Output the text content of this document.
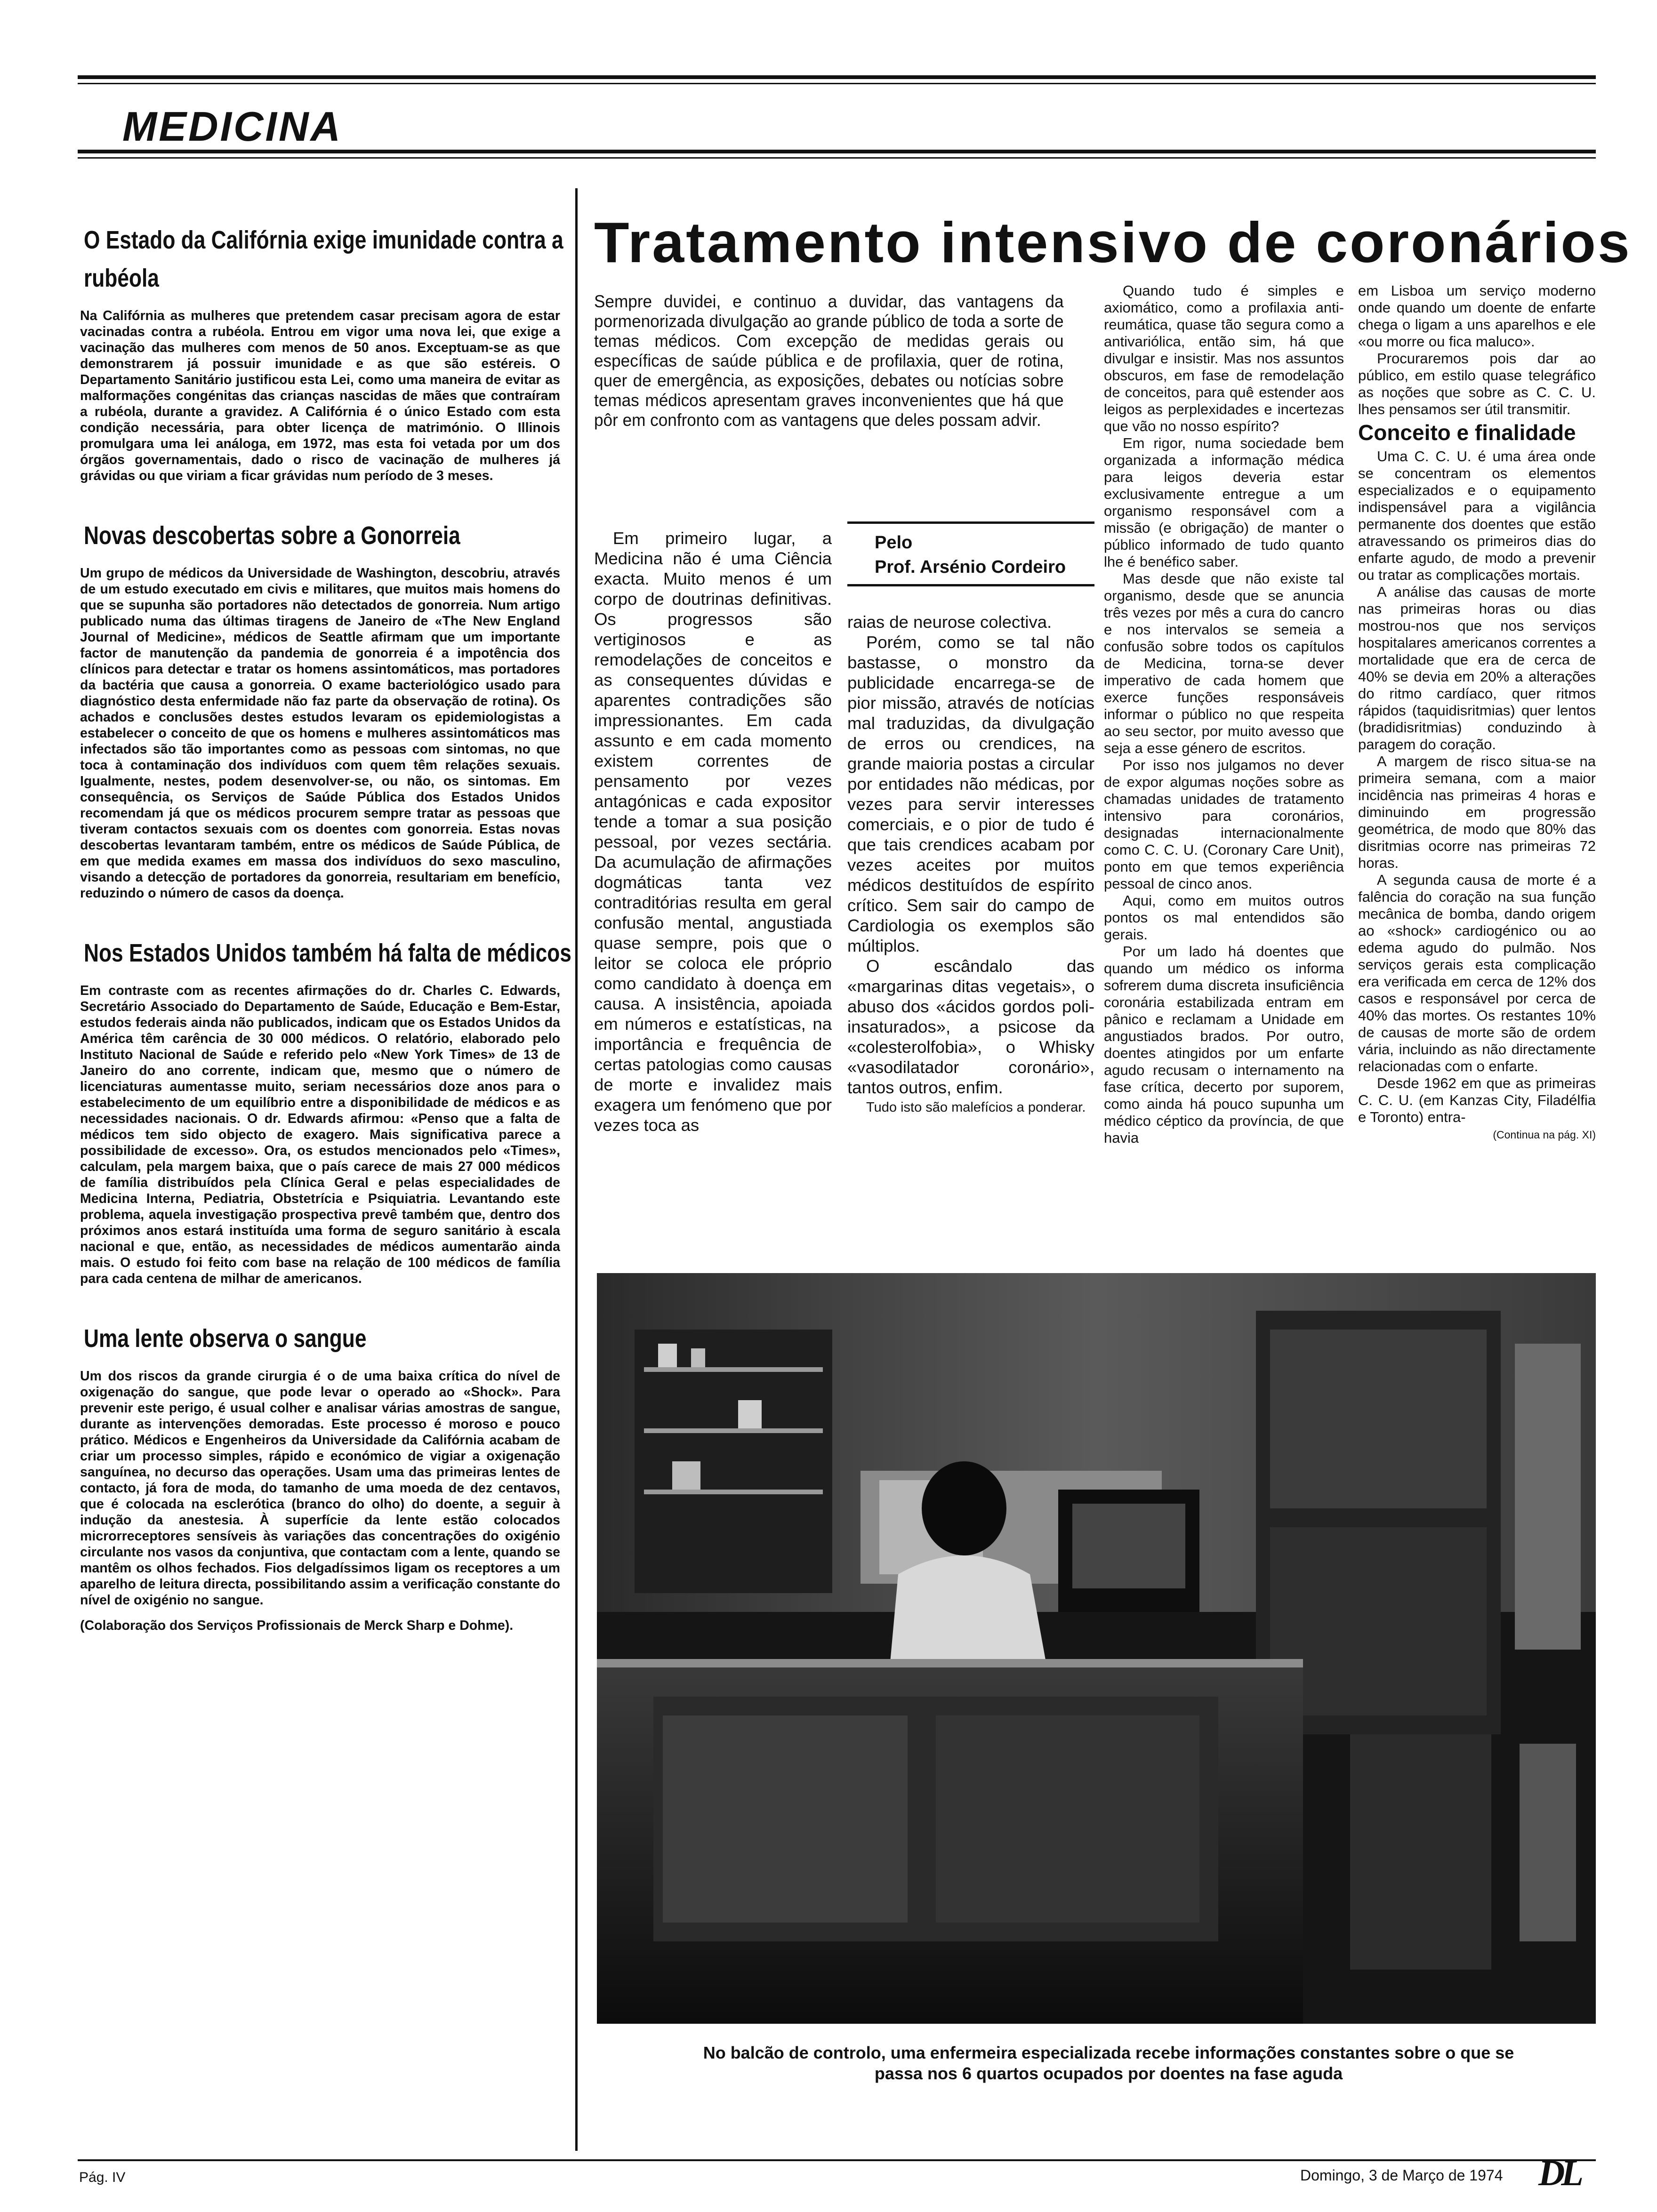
MEDICINA
O Estado da Califórnia exige imunidade contra a rubéola

Na Califórnia as mulheres que pretendem casar precisam agora de estar vacinadas contra a rubéola. Entrou em vigor uma nova lei, que exige a vacinação das mulheres com menos de 50 anos. Exceptuam-se as que demonstrarem já possuir imunidade e as que são estéreis. O Departamento Sanitário justificou esta Lei, como uma maneira de evitar as malformações congénitas das crianças nascidas de mães que contraíram a rubéola, durante a gravidez. A Califórnia é o único Estado com esta condição necessária, para obter licença de matrimónio. O Illinois promulgara uma lei análoga, em 1972, mas esta foi vetada por um dos órgãos governamentais, dado o risco de vacinação de mulheres já grávidas ou que viriam a ficar grávidas num período de 3 meses.

Novas descobertas sobre a Gonorreia

Um grupo de médicos da Universidade de Washington, descobriu, através de um estudo executado em civis e militares, que muitos mais homens do que se supunha são portadores não detectados de gonorreia. Num artigo publicado numa das últimas tiragens de Janeiro de «The New England Journal of Medicine», médicos de Seattle afirmam que um importante factor de manutenção da pandemia de gonorreia é a impotência dos clínicos para detectar e tratar os homens assintomáticos, mas portadores da bactéria que causa a gonorreia. O exame bacteriológico usado para diagnóstico desta enfermidade não faz parte da observação de rotina). Os achados e conclusões destes estudos levaram os epidemiologistas a estabelecer o conceito de que os homens e mulheres assintomáticos mas infectados são tão importantes como as pessoas com sintomas, no que toca à contaminação dos indivíduos com quem têm relações sexuais. Igualmente, nestes, podem desenvolver-se, ou não, os sintomas. Em consequência, os Serviços de Saúde Pública dos Estados Unidos recomendam já que os médicos procurem sempre tratar as pessoas que tiveram contactos sexuais com os doentes com gonorreia. Estas novas descobertas levantaram também, entre os médicos de Saúde Pública, de em que medida exames em massa dos indivíduos do sexo masculino, visando a detecção de portadores da gonorreia, resultariam em benefício, reduzindo o número de casos da doença.

Nos Estados Unidos também há falta de médicos

Em contraste com as recentes afirmações do dr. Charles C. Edwards, Secretário Associado do Departamento de Saúde, Educação e Bem-Estar, estudos federais ainda não publicados, indicam que os Estados Unidos da América têm carência de 30 000 médicos. O relatório, elaborado pelo Instituto Nacional de Saúde e referido pelo «New York Times» de 13 de Janeiro do ano corrente, indicam que, mesmo que o número de licenciaturas aumentasse muito, seriam necessários doze anos para o estabelecimento de um equilíbrio entre a disponibilidade de médicos e as necessidades nacionais. O dr. Edwards afirmou: «Penso que a falta de médicos tem sido objecto de exagero. Mais significativa parece a possibilidade de excesso». Ora, os estudos mencionados pelo «Times», calculam, pela margem baixa, que o país carece de mais 27 000 médicos de família distribuídos pela Clínica Geral e pelas especialidades de Medicina Interna, Pediatria, Obstetrícia e Psiquiatria. Levantando este problema, aquela investigação prospectiva prevê também que, dentro dos próximos anos estará instituída uma forma de seguro sanitário à escala nacional e que, então, as necessidades de médicos aumentarão ainda mais. O estudo foi feito com base na relação de 100 médicos de família para cada centena de milhar de americanos.

Uma lente observa o sangue

Um dos riscos da grande cirurgia é o de uma baixa crítica do nível de oxigenação do sangue, que pode levar o operado ao «Shock». Para prevenir este perigo, é usual colher e analisar várias amostras de sangue, durante as intervenções demoradas. Este processo é moroso e pouco prático. Médicos e Engenheiros da Universidade da Califórnia acabam de criar um processo simples, rápido e económico de vigiar a oxigenação sanguínea, no decurso das operações. Usam uma das primeiras lentes de contacto, já fora de moda, do tamanho de uma moeda de dez centavos, que é colocada na esclerótica (branco do olho) do doente, a seguir à indução da anestesia. À superfície da lente estão colocados microrreceptores sensíveis às variações das concentrações do oxigénio circulante nos vasos da conjuntiva, que contactam com a lente, quando se mantêm os olhos fechados. Fios delgadíssimos ligam os receptores a um aparelho de leitura directa, possibilitando assim a verificação constante do nível de oxigénio no sangue.

(Colaboração dos Serviços Profissionais de Merck Sharp e Dohme).
Tratamento intensivo de coronários
Sempre duvidei, e continuo a duvidar, das vantagens da pormenorizada divulgação ao grande público de toda a sorte de temas médicos. Com excepção de medidas gerais ou específicas de saúde pública e de profilaxia, quer de rotina, quer de emergência, as exposições, debates ou notícias sobre temas médicos apresentam graves inconvenientes que há que pôr em confronto com as vantagens que deles possam advir.
Pelo
Prof. Arsénio Cordeiro

Em primeiro lugar, a Medicina não é uma Ciência exacta. Muito menos é um corpo de doutrinas definitivas. Os progressos são vertiginosos e as remodelações de conceitos e as consequentes dúvidas e aparentes contradições são impressionantes. Em cada assunto e em cada momento existem correntes de pensamento por vezes antagónicas e cada expositor tende a tomar a sua posição pessoal, por vezes sectária. Da acumulação de afirmações dogmáticas tanta vez contraditórias resulta em geral confusão mental, angustiada quase sempre, pois que o leitor se coloca ele próprio como candidato à doença em causa. A insistência, apoiada em números e estatísticas, na importância e frequência de certas patologias como causas de morte e invalidez mais exagera um fenómeno que por vezes toca as

raias de neurose colectiva.

Porém, como se tal não bastasse, o monstro da publicidade encarrega-se de pior missão, através de notícias mal traduzidas, da divulgação de erros ou crendices, na grande maioria postas a circular por entidades não médicas, por vezes para servir interesses comerciais, e o pior de tudo é que tais crendices acabam por vezes aceites por muitos médicos destituídos de espírito crítico. Sem sair do campo de Cardiologia os exemplos são múltiplos.

O escândalo das «margarinas ditas vegetais», o abuso dos «ácidos gordos poli-insaturados», a psicose da «colesterolfobia», o Whisky «vasodilatador coronário», tantos outros, enfim.

Tudo isto são malefícios a ponderar.

Quando tudo é simples e axiomático, como a profilaxia anti-reumática, quase tão segura como a antivariólica, então sim, há que divulgar e insistir. Mas nos assuntos obscuros, em fase de remodelação de conceitos, para quê estender aos leigos as perplexidades e incertezas que vão no nosso espírito?

Em rigor, numa sociedade bem organizada a informação médica para leigos deveria estar exclusivamente entregue a um organismo responsável com a missão (e obrigação) de manter o público informado de tudo quanto lhe é benéfico saber.

Mas desde que não existe tal organismo, desde que se anuncia três vezes por mês a cura do cancro e nos intervalos se semeia a confusão sobre todos os capítulos de Medicina, torna-se dever imperativo de cada homem que exerce funções responsáveis informar o público no que respeita ao seu sector, por muito avesso que seja a esse género de escritos.

Por isso nos julgamos no dever de expor algumas noções sobre as chamadas unidades de tratamento intensivo para coronários, designadas internacionalmente como C. C. U. (Coronary Care Unit), ponto em que temos experiência pessoal de cinco anos.

Aqui, como em muitos outros pontos os mal entendidos são gerais.

Por um lado há doentes que quando um médico os informa sofrerem duma discreta insuficiência coronária estabilizada entram em pânico e reclamam a Unidade em angustiados brados. Por outro, doentes atingidos por um enfarte agudo recusam o internamento na fase crítica, decerto por suporem, como ainda há pouco supunha um médico céptico da província, de que havia

em Lisboa um serviço moderno onde quando um doente de enfarte chega o ligam a uns aparelhos e ele «ou morre ou fica maluco».

Procuraremos pois dar ao público, em estilo quase telegráfico as noções que sobre as C. C. U. lhes pensamos ser útil transmitir.

Conceito e finalidade

Uma C. C. U. é uma área onde se concentram os elementos especializados e o equipamento indispensável para a vigilância permanente dos doentes que estão atravessando os primeiros dias do enfarte agudo, de modo a prevenir ou tratar as complicações mortais.

A análise das causas de morte nas primeiras horas ou dias mostrou-nos que nos serviços hospitalares americanos correntes a mortalidade que era de cerca de 40% se devia em 20% a alterações do ritmo cardíaco, quer ritmos rápidos (taquidisritmias) quer lentos (bradidisritmias) conduzindo à paragem do coração.

A margem de risco situa-se na primeira semana, com a maior incidência nas primeiras 4 horas e diminuindo em progressão geométrica, de modo que 80% das disritmias ocorre nas primeiras 72 horas.

A segunda causa de morte é a falência do coração na sua função mecânica de bomba, dando origem ao «shock» cardiogénico ou ao edema agudo do pulmão. Nos serviços gerais esta complicação era verificada em cerca de 12% dos casos e responsável por cerca de 40% das mortes. Os restantes 10% de causas de morte são de ordem vária, incluindo as não directamente relacionadas com o enfarte.

Desde 1962 em que as primeiras C. C. U. (em Kanzas City, Filadélfia e Toronto) entra-

(Continua na pág. XI)
No balcão de controlo, uma enfermeira especializada recebe informações constantes sobre o que se passa nos 6 quartos ocupados por doentes na fase aguda
Pág. IV	Domingo, 3 de Março de 1974 DL
